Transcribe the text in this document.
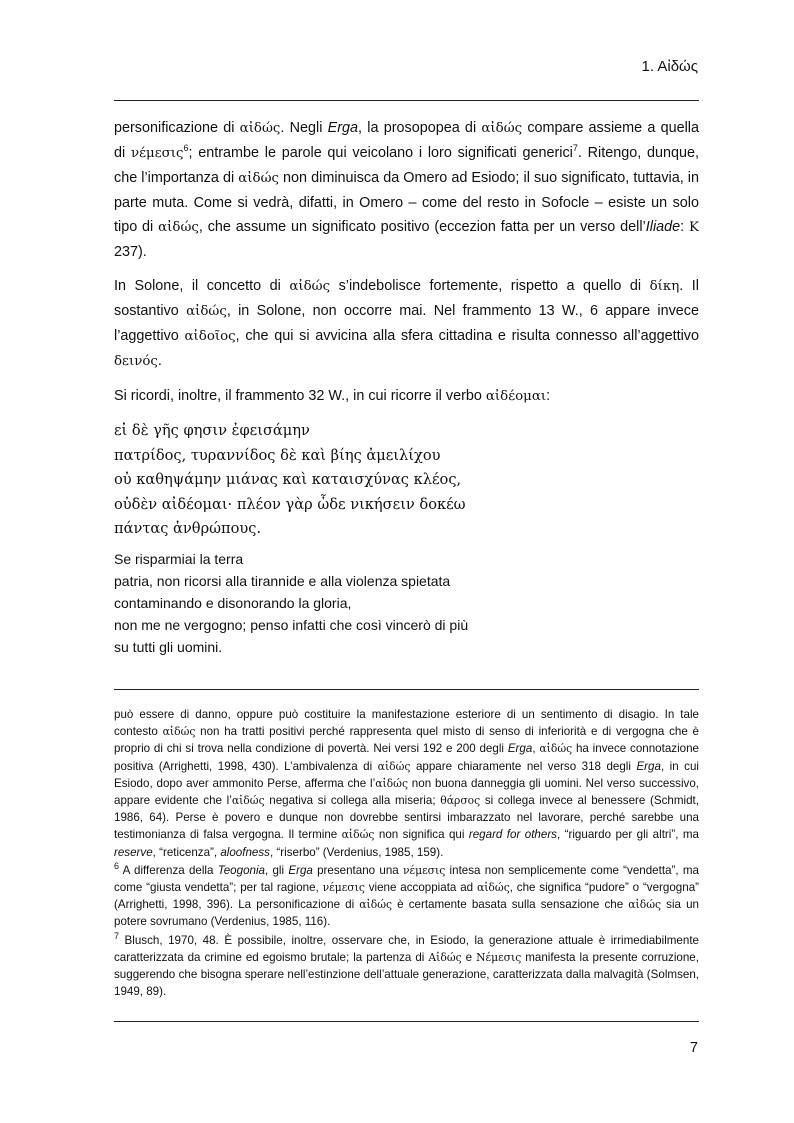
1. Αἰδώς

personificazione di αἰδώς. Negli Erga, la prosopopea di αἰδώς compare assieme a quella di νέμεσις$^6$; entrambe le parole qui veicolano i loro significati generici$^7$. Ritengo, dunque, che l’importanza di αἰδώς non diminuisca da Omero ad Esiodo; il suo significato, tuttavia, in parte muta. Come si vedrà, difatti, in Omero – come del resto in Sofocle – esiste un solo tipo di αἰδώς, che assume un significato positivo (eccezion fatta per un verso dell’Iliade: Κ 237).

In Solone, il concetto di αἰδώς s’indebolisce fortemente, rispetto a quello di δίκη. Il sostantivo αἰδώς, in Solone, non occorre mai. Nel frammento 13 W., 6 appare invece l’aggettivo αἰδοῖος, che qui si avvicina alla sfera cittadina e risulta connesso all’aggettivo δεινός.

Si ricordi, inoltre, il frammento 32 W., in cui ricorre il verbo αἰδέομαι:

εἰ δὲ γῆς φησιν ἐφεισάμην
πατρίδος, τυραννίδος δὲ καὶ βίης ἀμειλίχου
οὐ καθηψάμην μιάνας καὶ καταισχύνας κλέος,
οὐδὲν αἰδέομαι· πλέον γὰρ ὧδε νικήσειν δοκέω
πάντας ἀνθρώπους.
Se risparmiai la terra
patria, non ricorsi alla tirannide e alla violenza spietata
contaminando e disonorando la gloria,
non me ne vergogno; penso infatti che così vincerò di più
su tutti gli uomini.

può essere di danno, oppure può costituire la manifestazione esteriore di un sentimento di disagio. In tale contesto αἰδώς non ha tratti positivi perché rappresenta quel misto di senso di inferiorità e di vergogna che è proprio di chi si trova nella condizione di povertà. Nei versi 192 e 200 degli Erga, αἰδώς ha invece connotazione positiva (Arrighetti, 1998, 430). L’ambivalenza di αἰδώς appare chiaramente nel verso 318 degli Erga, in cui Esiodo, dopo aver ammonito Perse, afferma che l’αἰδώς non buona danneggia gli uomini. Nel verso successivo, appare evidente che l’αἰδώς negativa si collega alla miseria; θάρσος si collega invece al benessere (Schmidt, 1986, 64). Perse è povero e dunque non dovrebbe sentirsi imbarazzato nel lavorare, perché sarebbe una testimonianza di falsa vergogna. Il termine αἰδώς non significa qui regard for others, “riguardo per gli altri”, ma reserve, “reticenza”, aloofness, “riserbo” (Verdenius, 1985, 159).

$^6$ A differenza della Teogonia, gli Erga presentano una νέμεσις intesa non semplicemente come “vendetta”, ma come “giusta vendetta”; per tal ragione, νέμεσις viene accoppiata ad αἰδώς, che significa “pudore” o “vergogna” (Arrighetti, 1998, 396). La personificazione di αἰδώς è certamente basata sulla sensazione che αἰδώς sia un potere sovrumano (Verdenius, 1985, 116).

$^7$ Blusch, 1970, 48. È possibile, inoltre, osservare che, in Esiodo, la generazione attuale è irrimediabilmente caratterizzata da crimine ed egoismo brutale; la partenza di Αἰδώς e Νέμεσις manifesta la presente corruzione, suggerendo che bisogna sperare nell’estinzione dell’attuale generazione, caratterizzata dalla malvagità (Solmsen, 1949, 89).

7
